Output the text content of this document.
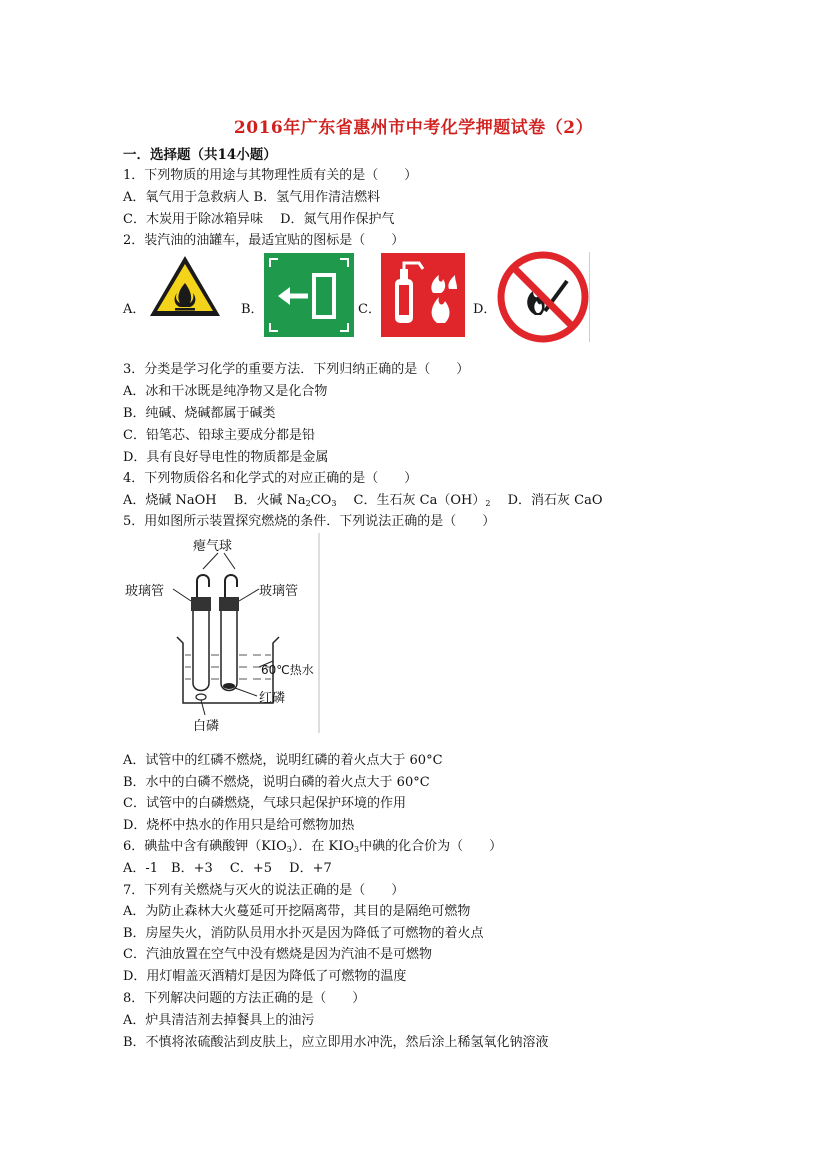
2016年广东省惠州市中考化学押题试卷（2）
一．选择题（共14小题）
1．下列物质的用途与其物理性质有关的是（　　）
A．氧气用于急救病人 B．氢气用作清洁燃料
C．木炭用于除冰箱异味　 D．氮气用作保护气
2．装汽油的油罐车，最适宜贴的图标是（　　）
A．	B．	C．	D．
3．分类是学习化学的重要方法．下列归纳正确的是（　　）
A．冰和干冰既是纯净物又是化合物
B．纯碱、烧碱都属于碱类
C．铅笔芯、铅球主要成分都是铅
D．具有良好导电性的物质都是金属
4．下列物质俗名和化学式的对应正确的是（　　）
A．烧碱 NaOH　 B．火碱 $Na_2CO_3$　 C．生石灰 $Ca(OH)_2$　 D．消石灰 CaO
5．用如图所示装置探究燃烧的条件．下列说法正确的是（　　）
瘪气球
玻璃管	玻璃管
60℃热水
红磷
白磷
A．试管中的红磷不燃烧，说明红磷的着火点大于 60°C
B．水中的白磷不燃烧，说明白磷的着火点大于 60°C
C．试管中的白磷燃烧，气球只起保护环境的作用
D．烧杯中热水的作用只是给可燃物加热
6．碘盐中含有碘酸钾$(KIO_3)$．在 $KIO_3$中碘的化合价为（　　）
A．-1　B．+3　 C．+5　 D．+7
7．下列有关燃烧与灭火的说法正确的是（　　）
A．为防止森林大火蔓延可开挖隔离带，其目的是隔绝可燃物
B．房屋失火，消防队员用水扑灭是因为降低了可燃物的着火点
C．汽油放置在空气中没有燃烧是因为汽油不是可燃物
D．用灯帽盖灭酒精灯是因为降低了可燃物的温度
8．下列解决问题的方法正确的是（　　）
A．炉具清洁剂去掉餐具上的油污
B．不慎将浓硫酸沾到皮肤上，应立即用水冲洗，然后涂上稀氢氧化钠溶液
